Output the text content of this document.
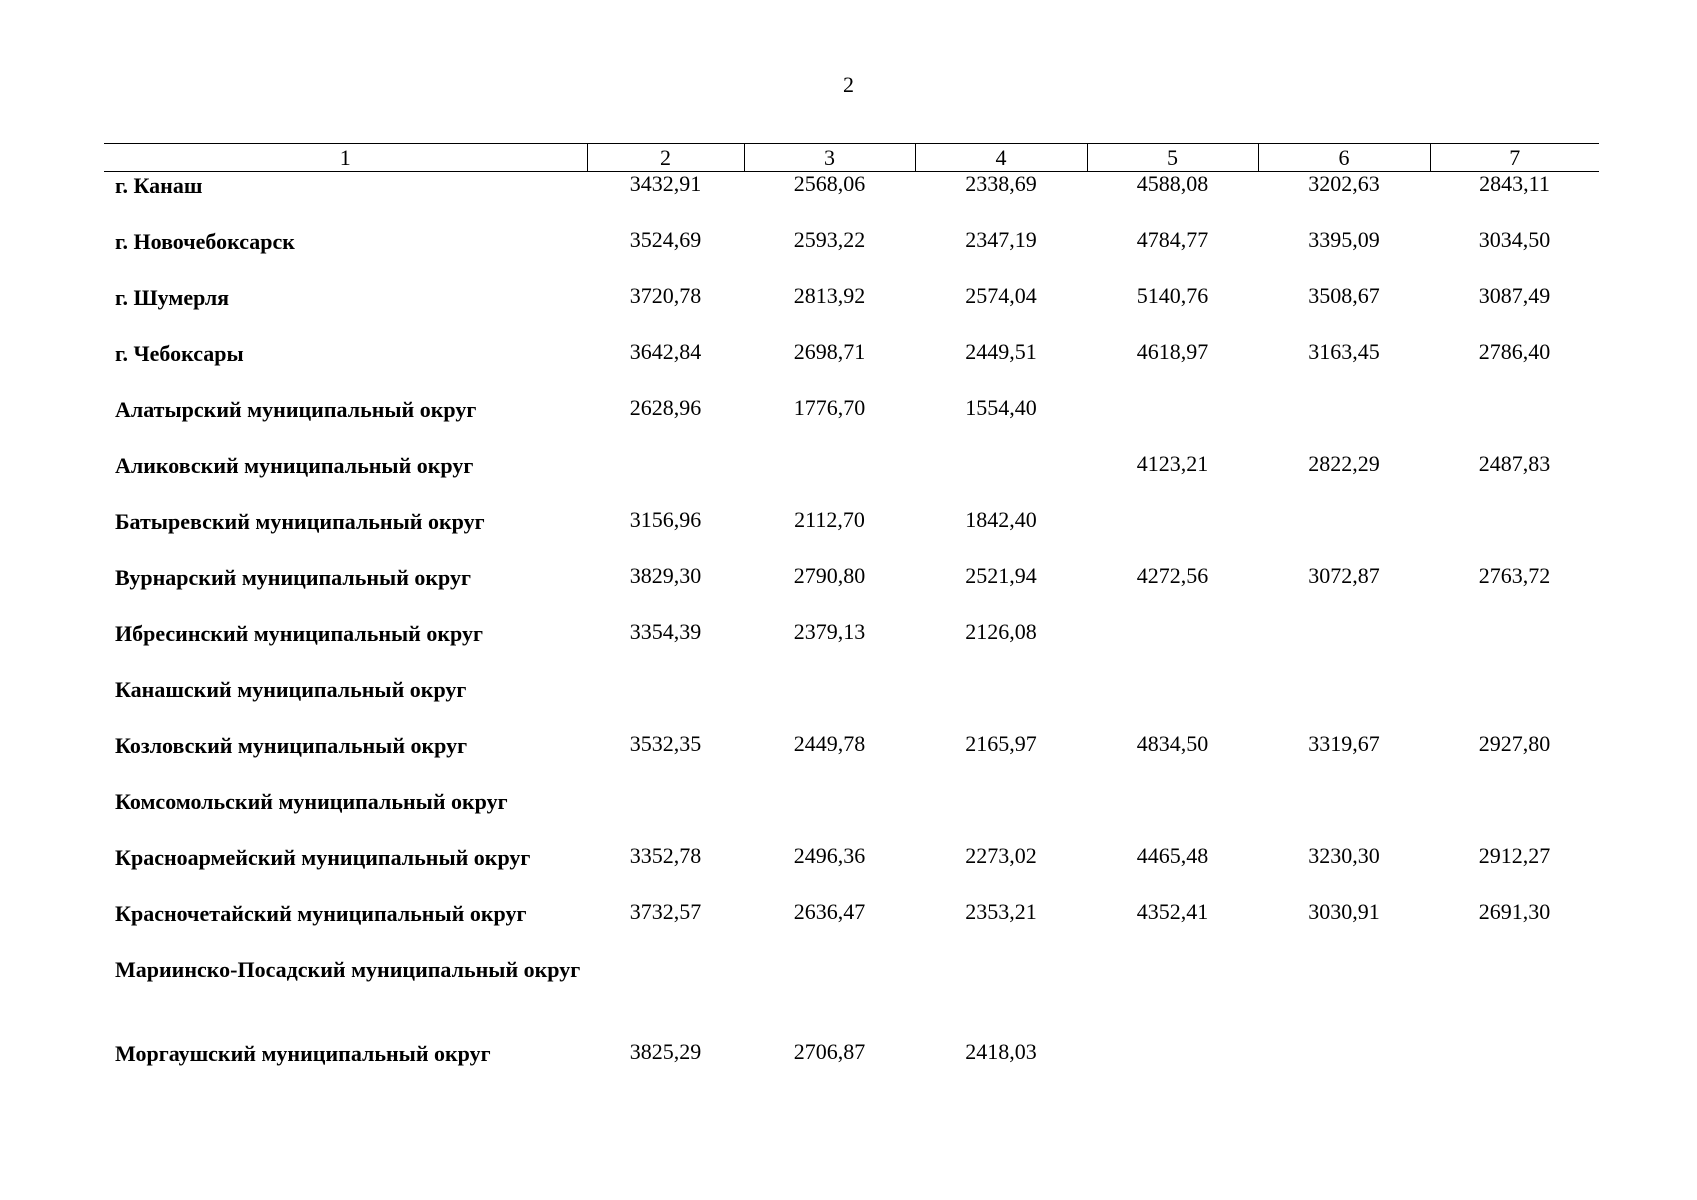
2
1	2	3	4	5	6	7
г. Канаш	3432,91	2568,06	2338,69	4588,08	3202,63	2843,11
г. Новочебоксарск	3524,69	2593,22	2347,19	4784,77	3395,09	3034,50
г. Шумерля	3720,78	2813,92	2574,04	5140,76	3508,67	3087,49
г. Чебоксары	3642,84	2698,71	2449,51	4618,97	3163,45	2786,40
Алатырский муниципальный округ	2628,96	1776,70	1554,40			
Аликовский муниципальный округ				4123,21	2822,29	2487,83
Батыревский муниципальный округ	3156,96	2112,70	1842,40			
Вурнарский муниципальный округ	3829,30	2790,80	2521,94	4272,56	3072,87	2763,72
Ибресинский муниципальный округ	3354,39	2379,13	2126,08			
Канашский муниципальный округ						
Козловский муниципальный округ	3532,35	2449,78	2165,97	4834,50	3319,67	2927,80
Комсомольский муниципальный округ						
Красноармейский муниципальный округ	3352,78	2496,36	2273,02	4465,48	3230,30	2912,27
Красночетайский муниципальный округ	3732,57	2636,47	2353,21	4352,41	3030,91	2691,30
Мариинско-Посадский муниципальный округ						
Моргаушский муниципальный округ	3825,29	2706,87	2418,03			
